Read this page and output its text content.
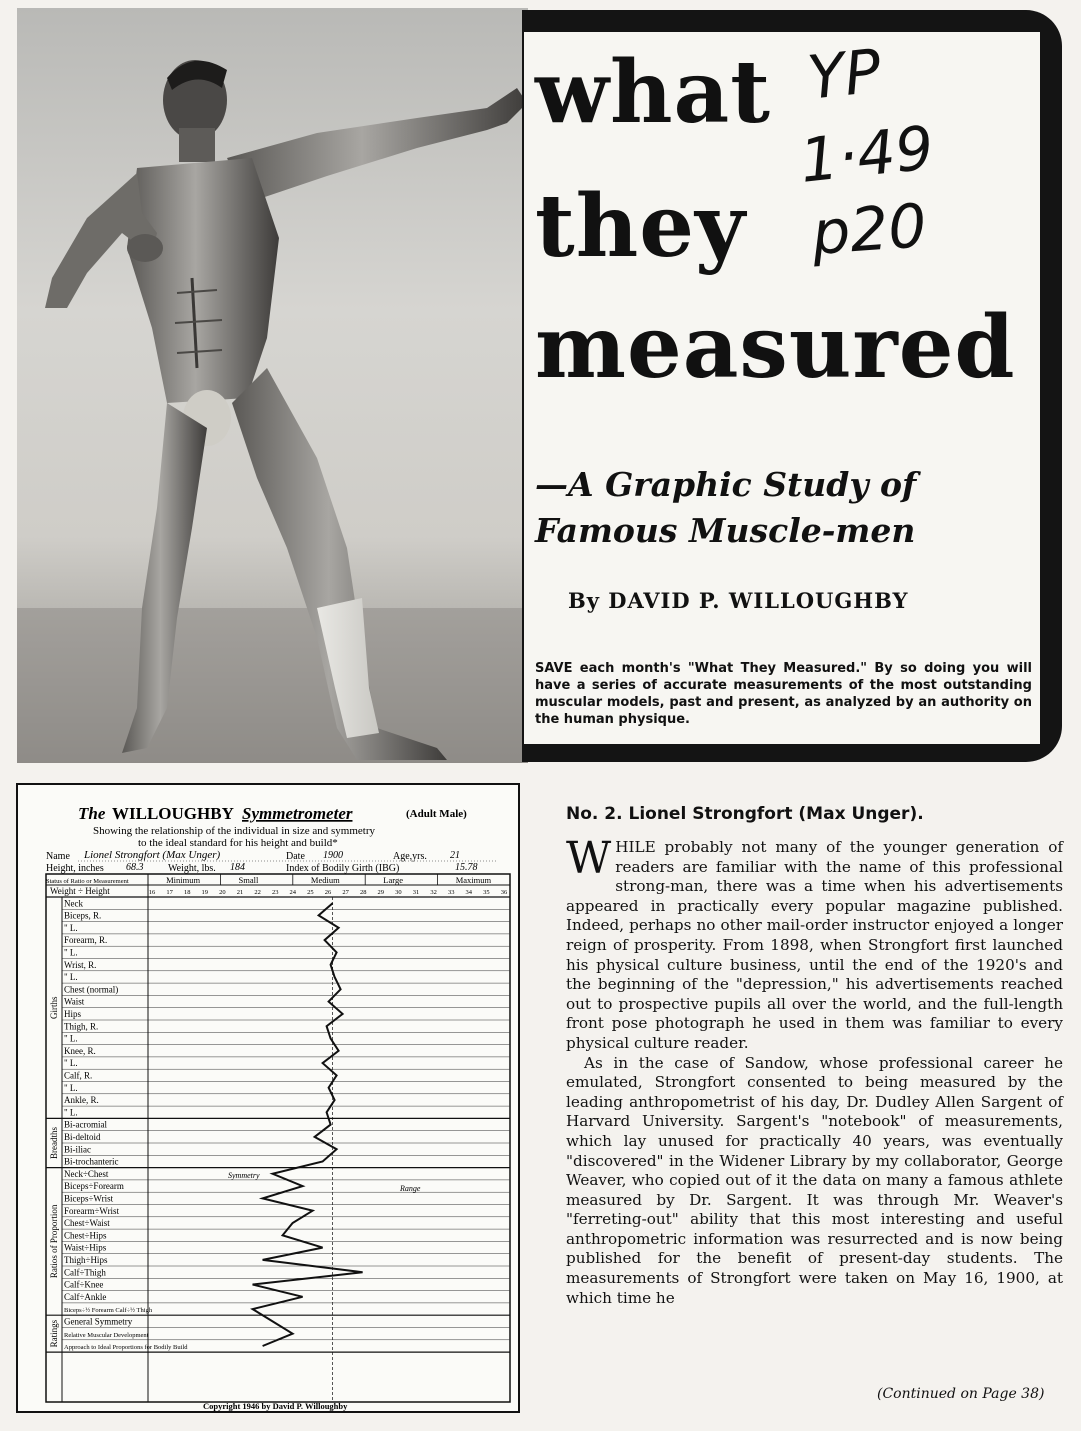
what
they
measured
YP
1·49
p20
—A Graphic Study of
Famous Muscle-men
By DAVID P. WILLOUGHBY
SAVE each month's "What They Measured." By so doing you will have a series of accurate measurements of the most outstanding muscular models, past and present, as analyzed by an authority on the human physique.
The WILLOUGHBY Symmetrometer	(Adult Male)
Showing the relationship of the individual in size and symmetry
to the ideal standard for his height and build*
Name Lionel Strongfort (Max Unger)	Date 1900	Age,yrs. 21
Height, inches 68.3 Weight, lbs. 184	Index of Bodily Girth (IBG)	15.78
Status of Ratio or Measurement	Minimum	Small	Medium	Large	Maximum
Weight ÷ Height	16 17 18 19 20 21 22 23 24 25 26 27 28 29 30 31 32 33 34 35 36
Neck
Biceps, R.
" L.
Forearm, R.
" L.
Wrist, R.
" L.
Chest (normal)
Waist
Hips
Thigh, R.
" L.
Knee, R.
" L.
Calf, R.
" L.
Ankle, R.
" L.
Bi-acromial
Bi-deltoid
Bi-iliac
Bi-trochanteric
Neck÷Chest
Biceps÷Forearm
Biceps÷Wrist
Forearm÷Wrist
Chest÷Waist
Chest÷Hips
Waist÷Hips
Thigh÷Hips
Calf÷Thigh
Calf÷Knee
Calf÷Ankle
Biceps÷½ Forearm Calf÷½ Thigh
General Symmetry
Relative Muscular Development
Approach to Ideal Proportions for Bodily Build
Girths
Breadths
Ratios of Proportion
Ratings
Range
Symmetry
Copyright 1946 by David P. Willoughby
No. 2. Lionel Strongfort (Max Unger).

WHILE probably not many of the younger generation of readers are familiar with the name of this professional strong-man, there was a time when his advertisements appeared in practically every popular magazine published. Indeed, perhaps no other mail-order instructor enjoyed a longer reign of prosperity. From 1898, when Strongfort first launched his physical culture business, until the end of the 1920's and the beginning of the "depression," his advertisements reached out to prospective pupils all over the world, and the full-length front pose photograph he used in them was familiar to every physical culture reader.

As in the case of Sandow, whose professional career he emulated, Strongfort consented to being measured by the leading anthropometrist of his day, Dr. Dudley Allen Sargent of Harvard University. Sargent's "notebook" of measurements, which lay unused for practically 40 years, was eventually "discovered" in the Widener Library by my collaborator, George Weaver, who copied out of it the data on many a famous athlete measured by Dr. Sargent. It was through Mr. Weaver's "ferreting-out" ability that this most interesting and useful anthropometric information was resurrected and is now being published for the benefit of present-day students. The measurements of Strongfort were taken on May 16, 1900, at which time he

(Continued on Page 38)
